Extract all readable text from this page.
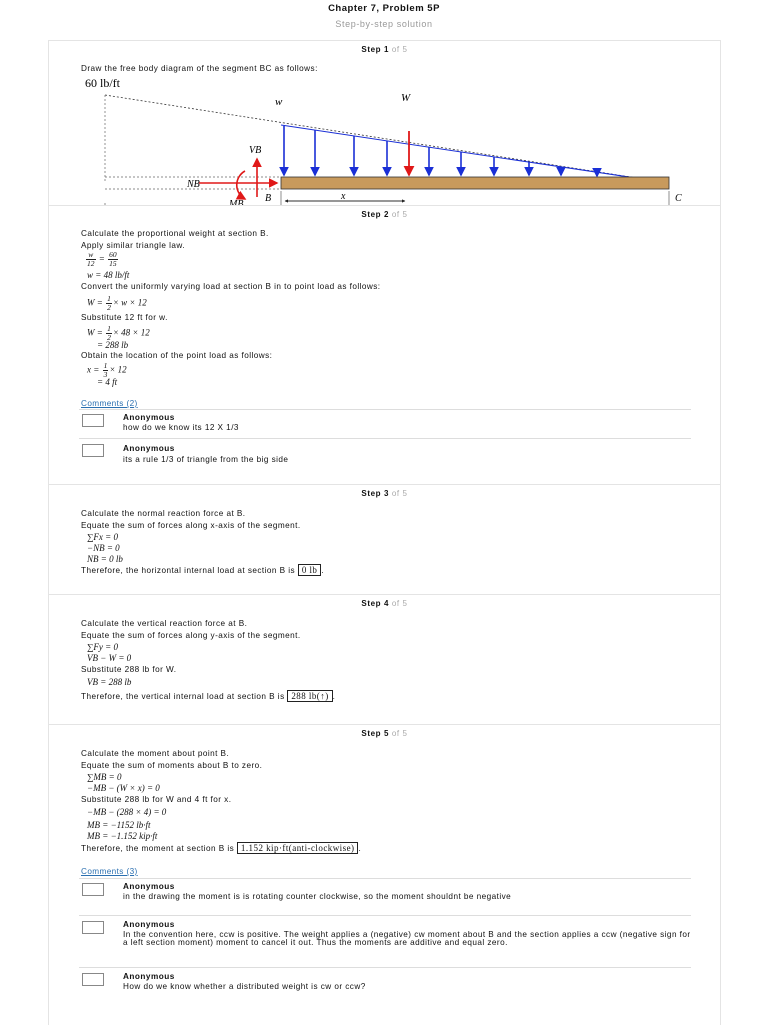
Chapter 7, Problem 5P
Step-by-step solution
Step 1 of 5
Draw the free body diagram of the segment BC as follows:
60 lb/ft
W
w
VB
NB
B	C
x
Step 2 of 5
Calculate the proportional weight at section B.
Apply similar triangle law.
$\frac{w}{12} = \frac{60}{15}$
w = 48 lb/ft
Convert the uniformly varying load at section B in to point load as follows:
$W = \frac{1}{2} \times w \times 12$
Substitute 12 ft for w.
$W = \frac{1}{2} \times 48 \times 12$
= 288 lb
Obtain the location of the point load as follows:
$x = \frac{1}{3} \times 12$
= 4 ft
Comments (2)
Anonymous
how do we know its 12 X 1/3
Anonymous
its a rule 1/3 of triangle from the big side
Step 3 of 5
Calculate the normal reaction force at B.
Equate the sum of forces along x-axis of the segment.
∑Fx = 0
−NB = 0
NB = 0 lb
Therefore, the horizontal internal load at section B is 0 lb .
Step 4 of 5
Calculate the vertical reaction force at B.
Equate the sum of forces along y-axis of the segment.
∑Fy = 0
VB − W = 0
Substitute 288 lb for W.
VB = 288 lb
Therefore, the vertical internal load at section B is 288 lb(↑) .
Step 5 of 5
Calculate the moment about point B.
Equate the sum of moments about B to zero.
∑MB = 0
−MB − (W × x) = 0
Substitute 288 lb for W and 4 ft for x.
−MB − (288 × 4) = 0
MB = −1152 lb·ft
MB = −1.152 kip·ft
Therefore, the moment at section B is 1.152 kip·ft(anti-clockwise) .
Comments (3)
Anonymous
in the drawing the moment is is rotating counter clockwise, so the moment shouldnt be negative
Anonymous
In the convention here, ccw is positive. The weight applies a (negative) cw moment about B and the section applies a ccw (negative sign for a left section moment) moment to cancel it out. Thus the moments are additive and equal zero.
Anonymous
How do we know whether a distributed weight is cw or ccw?
